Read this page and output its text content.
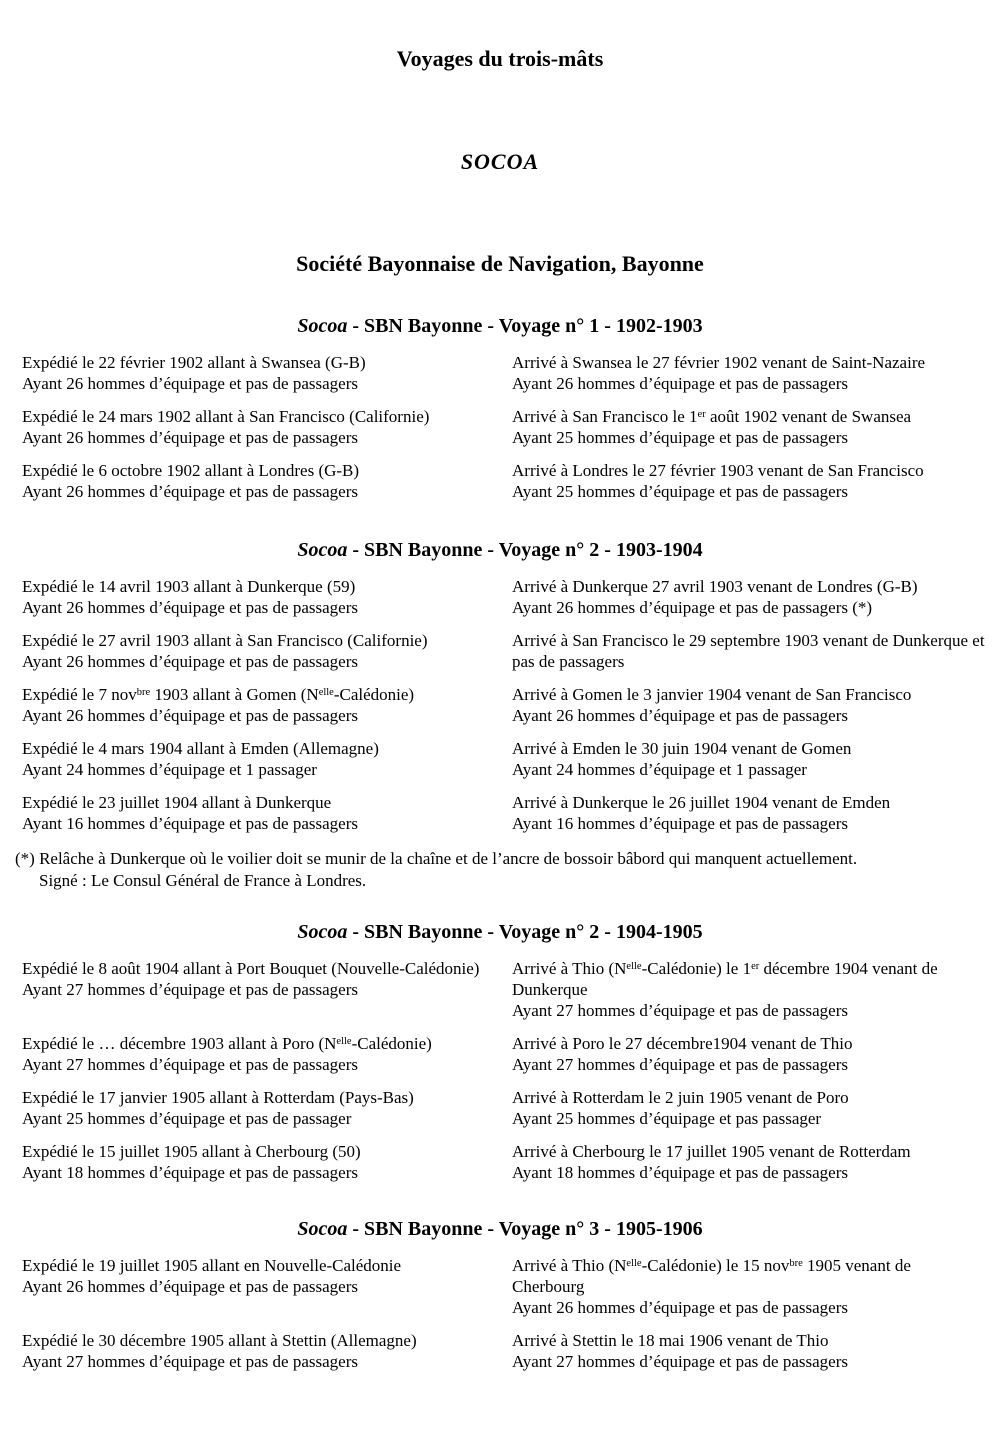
Voyages du trois-mâts
SOCOA
Société Bayonnaise de Navigation, Bayonne
Socoa - SBN Bayonne - Voyage n° 1 - 1902-1903
Expédié le 22 février 1902 allant à Swansea (G-B)
Ayant 26 hommes d’équipage et pas de passagers
Arrivé à Swansea le 27 février 1902 venant de Saint-Nazaire
Ayant 26 hommes d’équipage et pas de passagers
Expédié le 24 mars 1902 allant à San Francisco (Californie)
Ayant 26 hommes d’équipage et pas de passagers
Arrivé à San Francisco le 1er août 1902 venant de Swansea
Ayant 25 hommes d’équipage et pas de passagers
Expédié le 6 octobre 1902 allant à Londres (G-B)
Ayant 26 hommes d’équipage et pas de passagers
Arrivé à Londres le 27 février 1903 venant de San Francisco
Ayant 25 hommes d’équipage et pas de passagers
Socoa - SBN Bayonne - Voyage n° 2 - 1903-1904
Expédié le 14 avril 1903 allant à Dunkerque (59)
Ayant 26 hommes d’équipage et pas de passagers
Arrivé à Dunkerque 27 avril 1903 venant de Londres (G-B)
Ayant 26 hommes d’équipage et pas de passagers (*)
Expédié le 27 avril 1903 allant à San Francisco (Californie)
Ayant 26 hommes d’équipage et pas de passagers
Arrivé à San Francisco le 29 septembre 1903 venant de Dunkerque et pas de passagers
Expédié le 7 nov$^{bre}$ 1903 allant à Gomen $(N^{elle}-Calédonie)$
Ayant 26 hommes d’équipage et pas de passagers
Arrivé à Gomen le 3 janvier 1904 venant de San Francisco
Ayant 26 hommes d’équipage et pas de passagers
Expédié le 4 mars 1904 allant à Emden (Allemagne)
Ayant 24 hommes d’équipage et 1 passager
Arrivé à Emden le 30 juin 1904 venant de Gomen
Ayant 24 hommes d’équipage et 1 passager
Expédié le 23 juillet 1904 allant à Dunkerque
Ayant 16 hommes d’équipage et pas de passagers
Arrivé à Dunkerque le 26 juillet 1904 venant de Emden
Ayant 16 hommes d’équipage et pas de passagers
(*) Relâche à Dunkerque où le voilier doit se munir de la chaîne et de l’ancre de bossoir bâbord qui manquent actuellement.
Signé : Le Consul Général de France à Londres.
Socoa - SBN Bayonne - Voyage n° 2 - 1904-1905
Expédié le 8 août 1904 allant à Port Bouquet (Nouvelle-Calédonie)
Ayant 27 hommes d’équipage et pas de passagers
Arrivé à Thio $(N^{elle}-Calédonie)$ le 1er décembre 1904 venant de Dunkerque
Ayant 27 hommes d’équipage et pas de passagers
Expédié le … décembre 1903 allant à Poro $(N^{elle}-Calédonie)$
Ayant 27 hommes d’équipage et pas de passagers
Arrivé à Poro le 27 décembre1904 venant de Thio
Ayant 27 hommes d’équipage et pas de passagers
Expédié le 17 janvier 1905 allant à Rotterdam (Pays-Bas)
Ayant 25 hommes d’équipage et pas de passager
Arrivé à Rotterdam le 2 juin 1905 venant de Poro
Ayant 25 hommes d’équipage et pas passager
Expédié le 15 juillet 1905 allant à Cherbourg (50)
Ayant 18 hommes d’équipage et pas de passagers
Arrivé à Cherbourg le 17 juillet 1905 venant de Rotterdam
Ayant 18 hommes d’équipage et pas de passagers
Socoa - SBN Bayonne - Voyage n° 3 - 1905-1906
Expédié le 19 juillet 1905 allant en Nouvelle-Calédonie
Ayant 26 hommes d’équipage et pas de passagers
Arrivé à Thio $(N^{elle}-Calédonie)$ le 15 nov$^{bre}$ 1905 venant de Cherbourg
Ayant 26 hommes d’équipage et pas de passagers
Expédié le 30 décembre 1905 allant à Stettin (Allemagne)
Ayant 27 hommes d’équipage et pas de passagers
Arrivé à Stettin le 18 mai 1906 venant de Thio
Ayant 27 hommes d’équipage et pas de passagers
